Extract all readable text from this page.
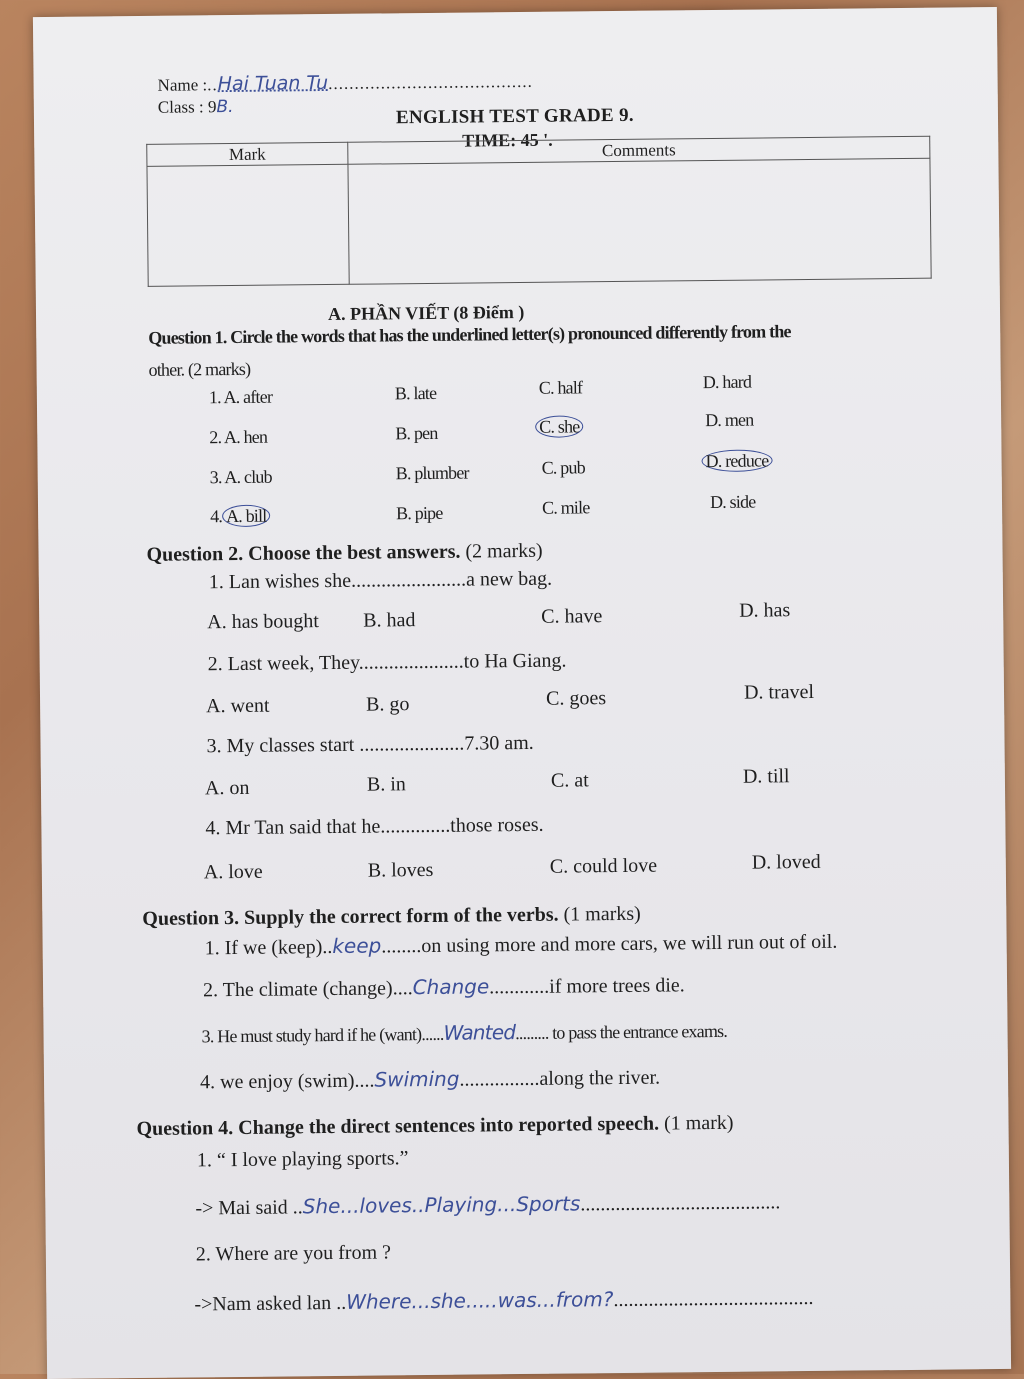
Name :..Hai Tuan Tu.......................................
Class : 9B.	ENGLISH TEST GRADE 9.
TIME: 45 '.
Mark	Comments

A. PHẦN VIẾT (8 Điểm )
Question 1. Circle the words that has the underlined letter(s) pronounced differently from the
other. (2 marks)
1. A. after	B. late	C. half	D. hard
2. A. hen	B. pen	C. she	D. men
3. A. club	B. plumber	C. pub	D. reduce
4. A. bill	B. pipe	C. mile	D. side
Question 2. Choose the best answers. (2 marks)
1. Lan wishes she.......................a new bag.
A. has bought B. had	C. have	D. has
2. Last week, They.....................to Ha Giang.
A. went	B. go	C. goes	D. travel
3. My classes start .....................7.30 am.
A. on	B. in	C. at	D. till
4. Mr Tan said that he..............those roses.
A. love	B. loves	C. could love	D. loved
Question 3. Supply the correct form of the verbs. (1 marks)
1. If we (keep)..keep........on using more and more cars, we will run out of oil.
2. The climate (change)....Change............if more trees die.
3. He must study hard if he (want)......Wanted......... to pass the entrance exams.
4. we enjoy (swim)....Swiming................along the river.
Question 4. Change the direct sentences into reported speech. (1 mark)
1. “ I love playing sports.”
-> Mai said ..She...loves..Playing...Sports........................................
2. Where are you from ?
->Nam asked lan ..Where...she.....was...from?........................................
